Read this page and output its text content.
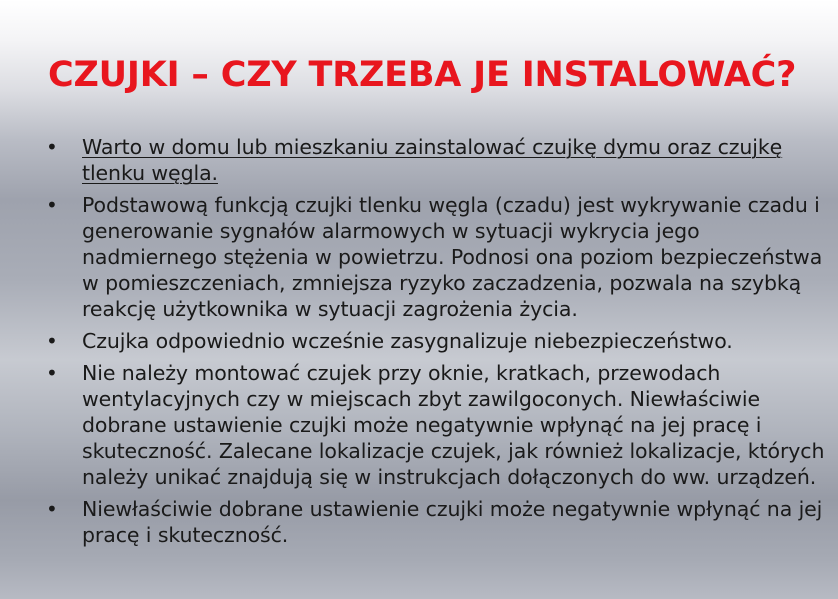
CZUJKI – CZY TRZEBA JE INSTALOWAĆ?
• Warto w domu lub mieszkaniu zainstalować czujkę dymu oraz czujkę tlenku węgla.
• Podstawową funkcją czujki tlenku węgla (czadu) jest wykrywanie czadu i generowanie sygnałów alarmowych w sytuacji wykrycia jego nadmiernego stężenia w powietrzu. Podnosi ona poziom bezpieczeństwa w pomieszczeniach, zmniejsza ryzyko zaczadzenia, pozwala na szybką reakcję użytkownika w sytuacji zagrożenia życia.
• Czujka odpowiednio wcześnie zasygnalizuje niebezpieczeństwo.
• Nie należy montować czujek przy oknie, kratkach, przewodach wentylacyjnych czy w miejscach zbyt zawilgoconych. Niewłaściwie dobrane ustawienie czujki może negatywnie wpłynąć na jej pracę i skuteczność. Zalecane lokalizacje czujek, jak również lokalizacje, których należy unikać znajdują się w instrukcjach dołączonych do ww. urządzeń.
• Niewłaściwie dobrane ustawienie czujki może negatywnie wpłynąć na jej pracę i skuteczność.
